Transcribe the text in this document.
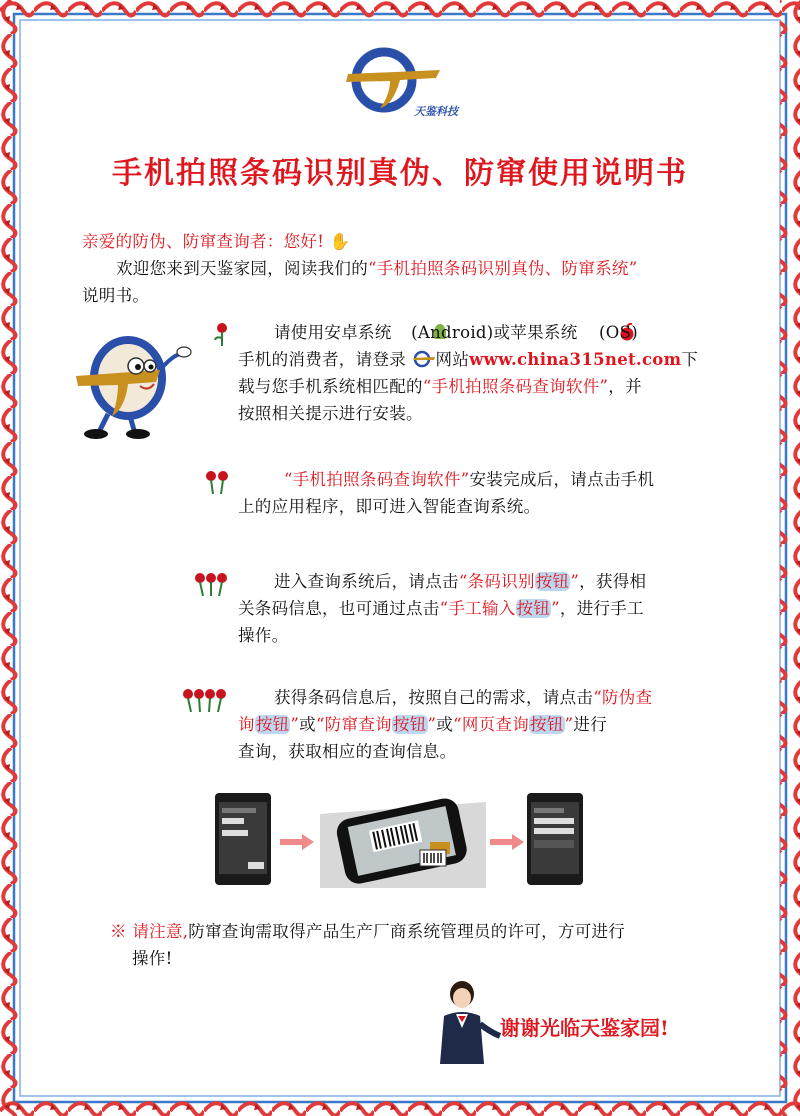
天鉴科技
手机拍照条码识别真伪、防窜使用说明书
亲爱的防伪、防窜查询者：您好! ✋
欢迎您来到天鉴家园，阅读我们的“手机拍照条码识别真伪、防窜系统”
说明书。
请使用安卓系统 (Android)或苹果系统 (OS)
手机的消费者，请登录 网站www.china315net.com下
载与您手机系统相匹配的“手机拍照条码查询软件”，并
按照相关提示进行安装。
“手机拍照条码查询软件”安装完成后，请点击手机
上的应用程序，即可进入智能查询系统。
进入查询系统后，请点击“条码识别按钮”，获得相
关条码信息，也可通过点击“手工输入按钮”，进行手工
操作。
获得条码信息后，按照自己的需求，请点击“防伪查
询按钮”或“防窜查询按钮”或“网页查询按钮”进行
查询，获取相应的查询信息。
※ 请注意,防窜查询需取得产品生产厂商系统管理员的许可，方可进行
操作!
谢谢光临天鉴家园!
